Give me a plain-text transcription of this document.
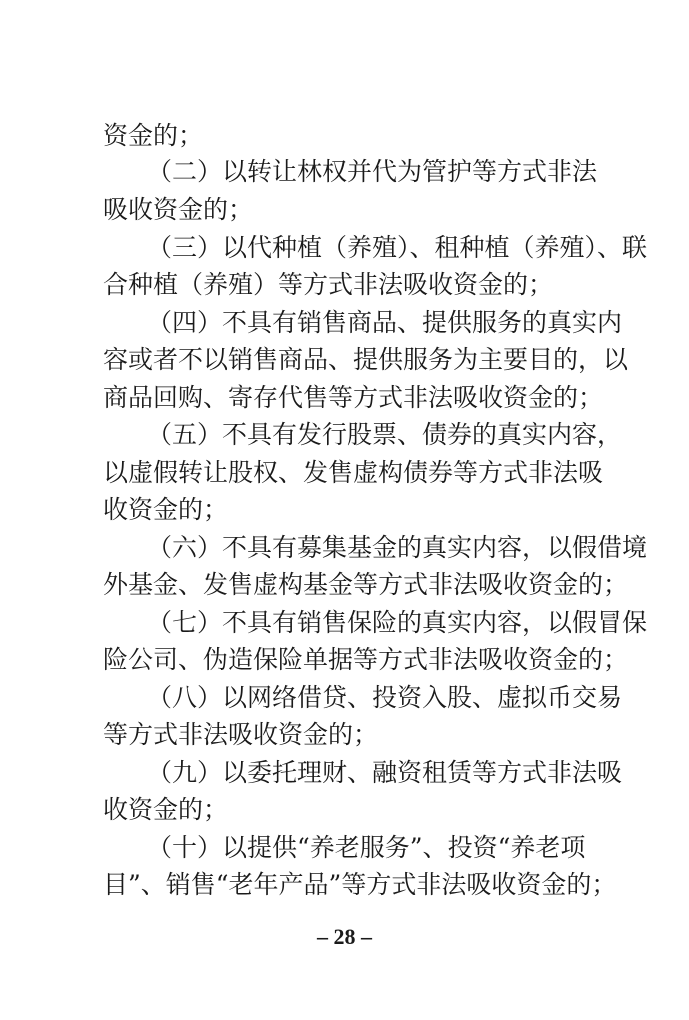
资金的；
（二）以转让林权并代为管护等方式非法
吸收资金的；
（三）以代种植（养殖）、租种植（养殖）、联
合种植（养殖）等方式非法吸收资金的；
（四）不具有销售商品、提供服务的真实内
容或者不以销售商品、提供服务为主要目的，以
商品回购、寄存代售等方式非法吸收资金的；
（五）不具有发行股票、债券的真实内容，
以虚假转让股权、发售虚构债券等方式非法吸
收资金的；
（六）不具有募集基金的真实内容，以假借境
外基金、发售虚构基金等方式非法吸收资金的；
（七）不具有销售保险的真实内容，以假冒保
险公司、伪造保险单据等方式非法吸收资金的；
（八）以网络借贷、投资入股、虚拟币交易
等方式非法吸收资金的；
（九）以委托理财、融资租赁等方式非法吸
收资金的；
（十）以提供“养老服务”、投资“养老项
目”、销售“老年产品”等方式非法吸收资金的；
– 28 –
